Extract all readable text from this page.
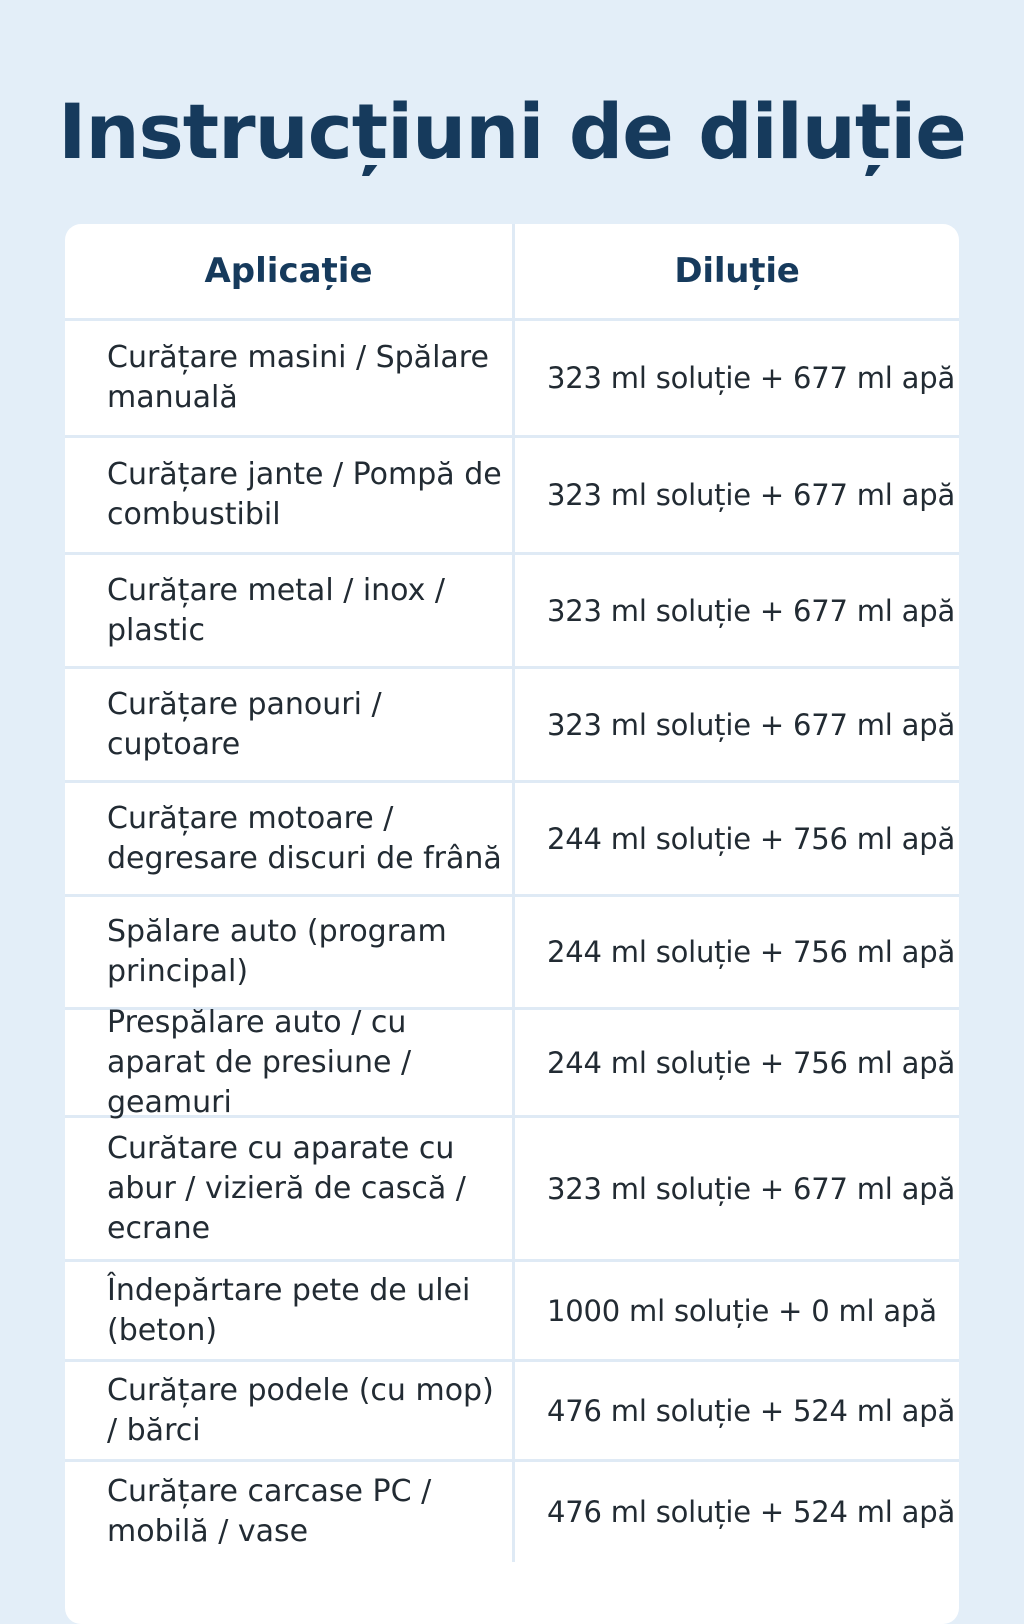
Instrucțiuni de diluție
Aplicație	Diluție
Curățare masini / Spălare manuală
323 ml soluție + 677 ml apă
Curățare jante / Pompă de combustibil
323 ml soluție + 677 ml apă
Curățare metal / inox / plastic
323 ml soluție + 677 ml apă
Curățare panouri / cuptoare
323 ml soluție + 677 ml apă
Curățare motoare / degresare discuri de frână
244 ml soluție + 756 ml apă
Spălare auto (program principal)
244 ml soluție + 756 ml apă
Prespălare auto / cu aparat de presiune / geamuri
244 ml soluție + 756 ml apă
Curătare cu aparate cu abur / vizieră de cască / ecrane
323 ml soluție + 677 ml apă
Îndepărtare pete de ulei (beton)
1000 ml soluție + 0 ml apă
Curățare podele (cu mop) / bărci
476 ml soluție + 524 ml apă
Curățare carcase PC / mobilă / vase
476 ml soluție + 524 ml apă
